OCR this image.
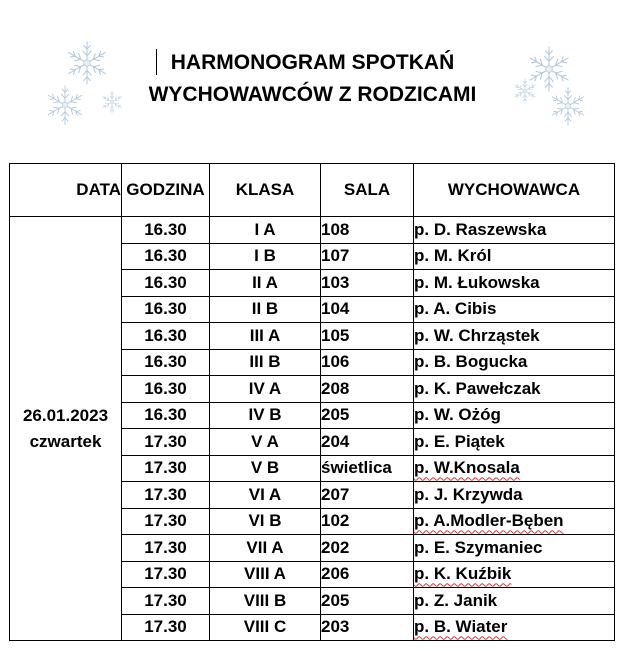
HARMONOGRAM SPOTKAŃ
WYCHOWAWCÓW Z RODZICAMI
DATA	GODZINA	KLASA	SALA	WYCHOWAWCA

26.01.2023
czwartek	16.30	I A	108	p. D. Raszewska
	16.30	I B	107	p. M. Król
	16.30	II A	103	p. M. Łukowska
	16.30	II B	104	p. A. Cibis
	16.30	III A	105	p. W. Chrząstek
	16.30	III B	106	p. B. Bogucka
	16.30	IV A	208	p. K. Pawełczak
	16.30	IV B	205	p. W. Ożóg
	17.30	V A	204	p. E. Piątek
	17.30	V B	świetlica	p. W.Knosala
	17.30	VI A	207	p. J. Krzywda
	17.30	VI B	102	p. A.Modler-Bęben
	17.30	VII A	202	p. E. Szymaniec
	17.30	VIII A	206	p. K. Kuźbik
	17.30	VIII B	205	p. Z. Janik
	17.30	VIII C	203	p. B. Wiater
